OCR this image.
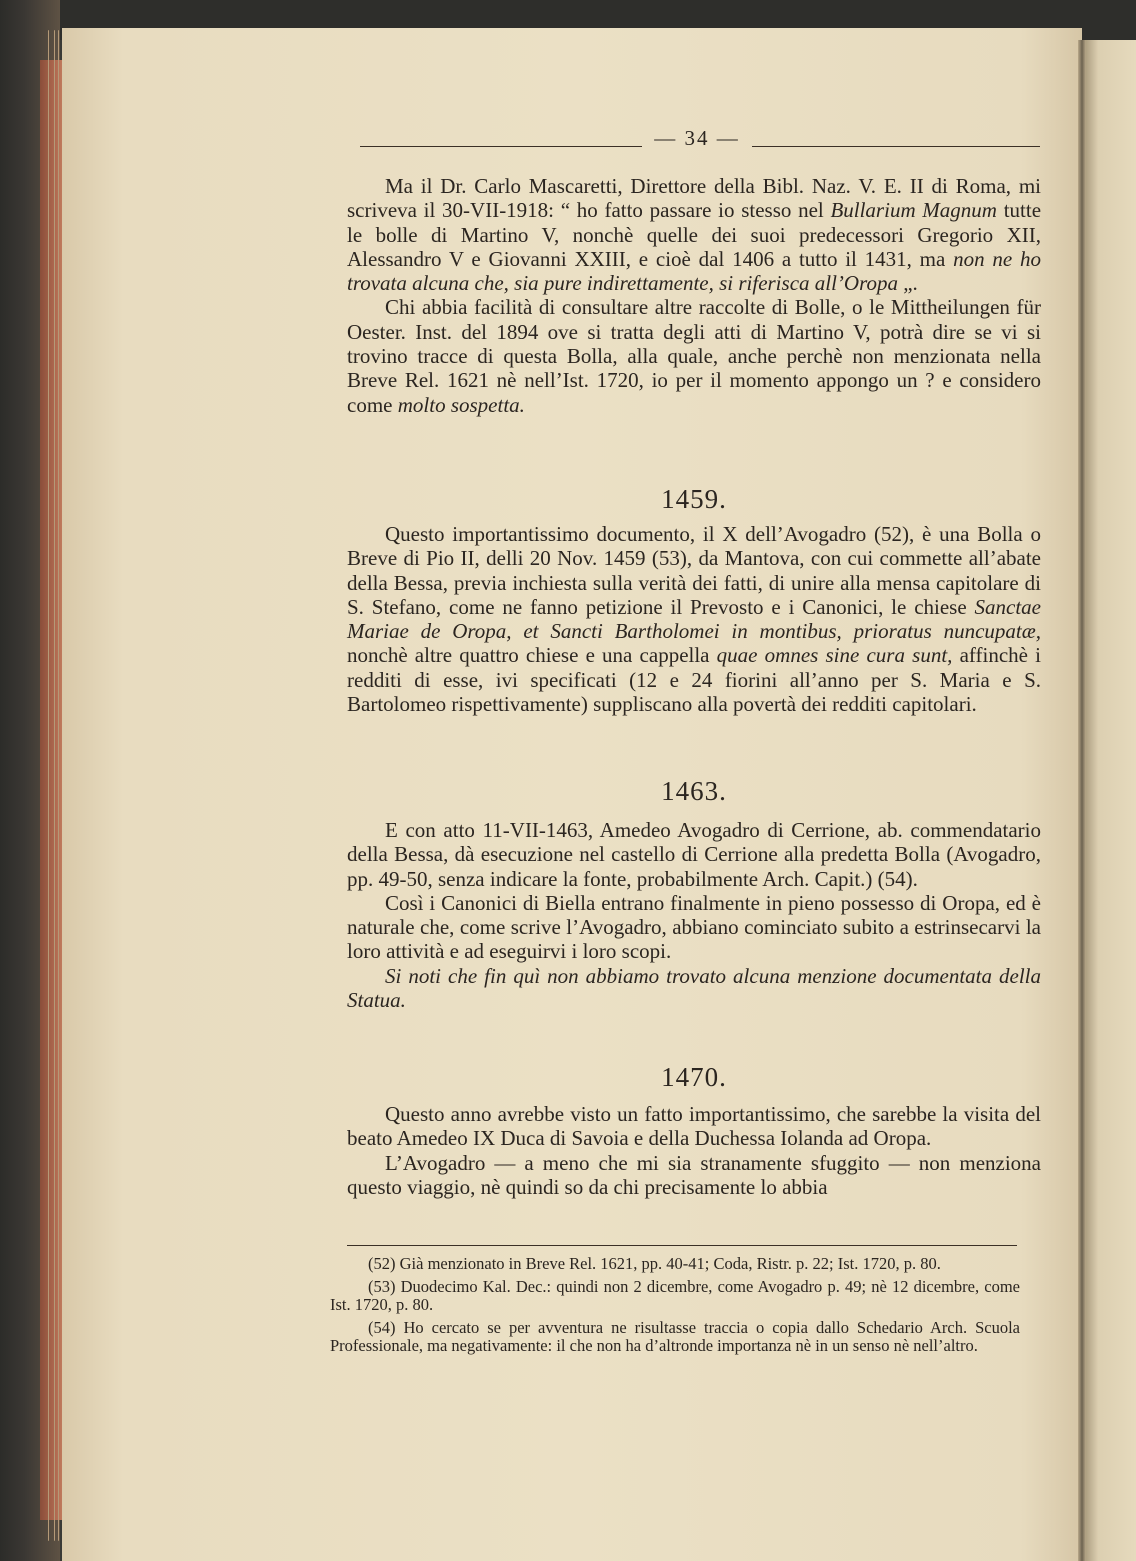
— 34 —

Ma il Dr. Carlo Mascaretti, Direttore della Bibl. Naz. V. E. II di Roma, mi scriveva il 30-VII-1918: “ ho fatto passare io stesso nel Bullarium Magnum tutte le bolle di Martino V, nonchè quelle dei suoi predecessori Gregorio XII, Alessandro V e Giovanni XXIII, e cioè dal 1406 a tutto il 1431, ma non ne ho trovata alcuna che, sia pure indirettamente, si riferisca all’Oropa „.

Chi abbia facilità di consultare altre raccolte di Bolle, o le Mittheilungen für Oester. Inst. del 1894 ove si tratta degli atti di Martino V, potrà dire se vi si trovino tracce di questa Bolla, alla quale, anche perchè non menzionata nella Breve Rel. 1621 nè nell’Ist. 1720, io per il momento appongo un ? e considero come molto sospetta.

1459.

Questo importantissimo documento, il X dell’Avogadro (52), è una Bolla o Breve di Pio II, delli 20 Nov. 1459 (53), da Mantova, con cui commette all’abate della Bessa, previa inchiesta sulla verità dei fatti, di unire alla mensa capitolare di S. Stefano, come ne fanno petizione il Prevosto e i Canonici, le chiese Sanctae Mariae de Oropa, et Sancti Bartholomei in montibus, prioratus nuncupatæ, nonchè altre quattro chiese e una cappella quae omnes sine cura sunt, affinchè i redditi di esse, ivi specificati (12 e 24 fiorini all’anno per S. Maria e S. Bartolomeo rispettivamente) suppliscano alla povertà dei redditi capitolari.

1463.

E con atto 11-VII-1463, Amedeo Avogadro di Cerrione, ab. commendatario della Bessa, dà esecuzione nel castello di Cerrione alla predetta Bolla (Avogadro, pp. 49-50, senza indicare la fonte, probabilmente Arch. Capit.) (54).

Così i Canonici di Biella entrano finalmente in pieno possesso di Oropa, ed è naturale che, come scrive l’Avogadro, abbiano cominciato subito a estrinsecarvi la loro attività e ad eseguirvi i loro scopi.

Si noti che fin quì non abbiamo trovato alcuna menzione documentata della Statua.

1470.

Questo anno avrebbe visto un fatto importantissimo, che sarebbe la visita del beato Amedeo IX Duca di Savoia e della Duchessa Iolanda ad Oropa.

L’Avogadro — a meno che mi sia stranamente sfuggito — non menziona questo viaggio, nè quindi so da chi precisamente lo abbia

(52) Già menzionato in Breve Rel. 1621, pp. 40-41; Coda, Ristr. p. 22; Ist. 1720, p. 80.

(53) Duodecimo Kal. Dec.: quindi non 2 dicembre, come Avogadro p. 49; nè 12 dicembre, come Ist. 1720, p. 80.

(54) Ho cercato se per avventura ne risultasse traccia o copia dallo Schedario Arch. Scuola Professionale, ma negativamente: il che non ha d’altronde importanza nè in un senso nè nell’altro.
